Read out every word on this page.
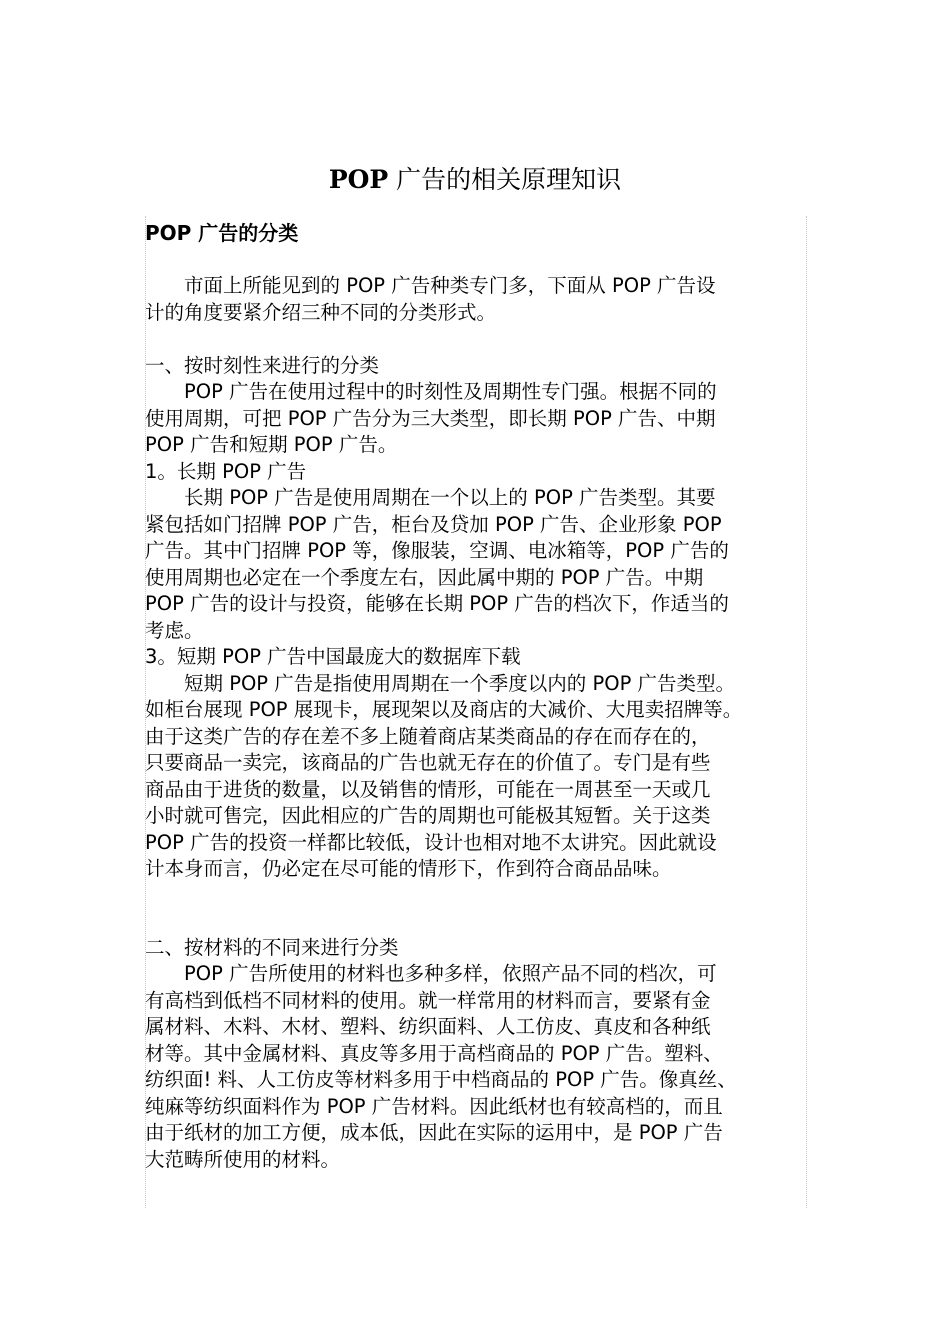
POP 广告的相关原理知识

POP 广告的分类

　　市面上所能见到的 POP 广告种类专门多，下面从 POP 广告设

计的角度要紧介绍三种不同的分类形式。

一、按时刻性来进行的分类

　　POP 广告在使用过程中的时刻性及周期性专门强。根据不同的

使用周期，可把 POP 广告分为三大类型，即长期 POP 广告、中期

POP 广告和短期 POP 广告。

1。长期 POP 广告

　　长期 POP 广告是使用周期在一个以上的 POP 广告类型。其要

紧包括如门招牌 POP 广告，柜台及贷加 POP 广告、企业形象 POP

广告。其中门招牌 POP 等，像服装，空调、电冰箱等，POP 广告的

使用周期也必定在一个季度左右，因此属中期的 POP 广告。中期

POP 广告的设计与投资，能够在长期 POP 广告的档次下，作适当的

考虑。

3。短期 POP 广告中国最庞大的数据库下载

　　短期 POP 广告是指使用周期在一个季度以内的 POP 广告类型。

如柜台展现 POP 展现卡，展现架以及商店的大减价、大甩卖招牌等。

由于这类广告的存在差不多上随着商店某类商品的存在而存在的，

只要商品一卖完，该商品的广告也就无存在的价值了。专门是有些

商品由于进货的数量，以及销售的情形，可能在一周甚至一天或几

小时就可售完，因此相应的广告的周期也可能极其短暂。关于这类

POP 广告的投资一样都比较低，设计也相对地不太讲究。因此就设

计本身而言，仍必定在尽可能的情形下，作到符合商品品味。

二、按材料的不同来进行分类

　　POP 广告所使用的材料也多种多样，依照产品不同的档次，可

有高档到低档不同材料的使用。就一样常用的材料而言，要紧有金

属材料、木料、木材、塑料、纺织面料、人工仿皮、真皮和各种纸

材等。其中金属材料、真皮等多用于高档商品的 POP 广告。塑料、

纺织面! 料、人工仿皮等材料多用于中档商品的 POP 广告。像真丝、

纯麻等纺织面料作为 POP 广告材料。因此纸材也有较高档的，而且

由于纸材的加工方便，成本低，因此在实际的运用中，是 POP 广告

大范畴所使用的材料。
